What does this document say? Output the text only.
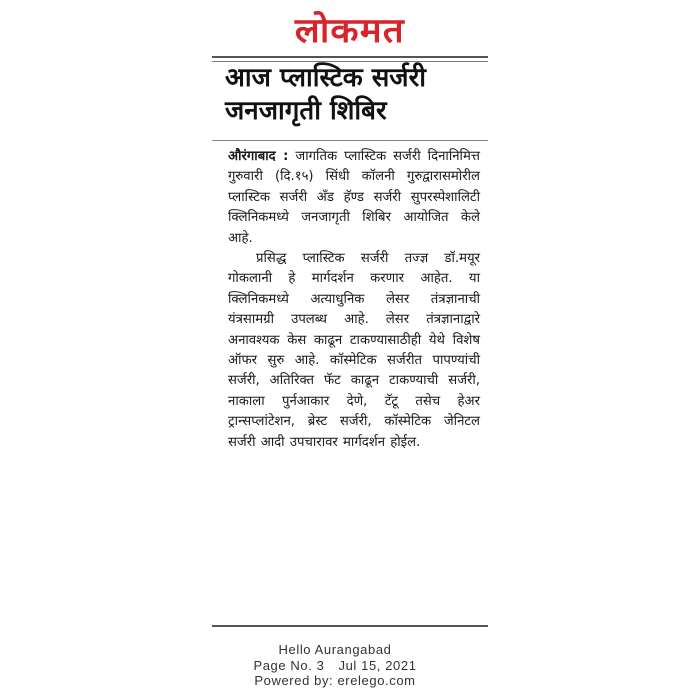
लोकमत
आज प्लास्टिक सर्जरी जनजागृती शिबिर

औरंगाबाद : जागतिक प्लास्टिक सर्जरी दिनानिमित्त गुरुवारी (दि.१५) सिंधी कॉलनी गुरुद्वारासमोरील प्लास्टिक सर्जरी अँड हॅण्ड सर्जरी सुपरस्पेशालिटी क्लिनिकमध्ये जनजागृती शिबिर आयोजित केले आहे.

प्रसिद्ध प्लास्टिक सर्जरी तज्ज्ञ डॉ.मयूर गोकलानी हे मार्गदर्शन करणार आहेत. या क्लिनिकमध्ये अत्याधुनिक लेसर तंत्रज्ञानाची यंत्रसामग्री उपलब्ध आहे. लेसर तंत्रज्ञानाद्वारे अनावश्यक केस काढून टाकण्यासाठीही येथे विशेष ऑफर सुरु आहे. कॉस्मेटिक सर्जरीत पापण्यांची सर्जरी, अतिरिक्त फॅट काढून टाकण्याची सर्जरी, नाकाला पुर्नआकार देणे, टॅटू तसेच हेअर ट्रान्सप्लांटेशन, ब्रेस्ट सर्जरी, कॉस्मेटिक जेनिटल सर्जरी आदी उपचारावर मार्गदर्शन होईल.

Hello Aurangabad
Page No. 3 Jul 15, 2021
Powered by: erelego.com
